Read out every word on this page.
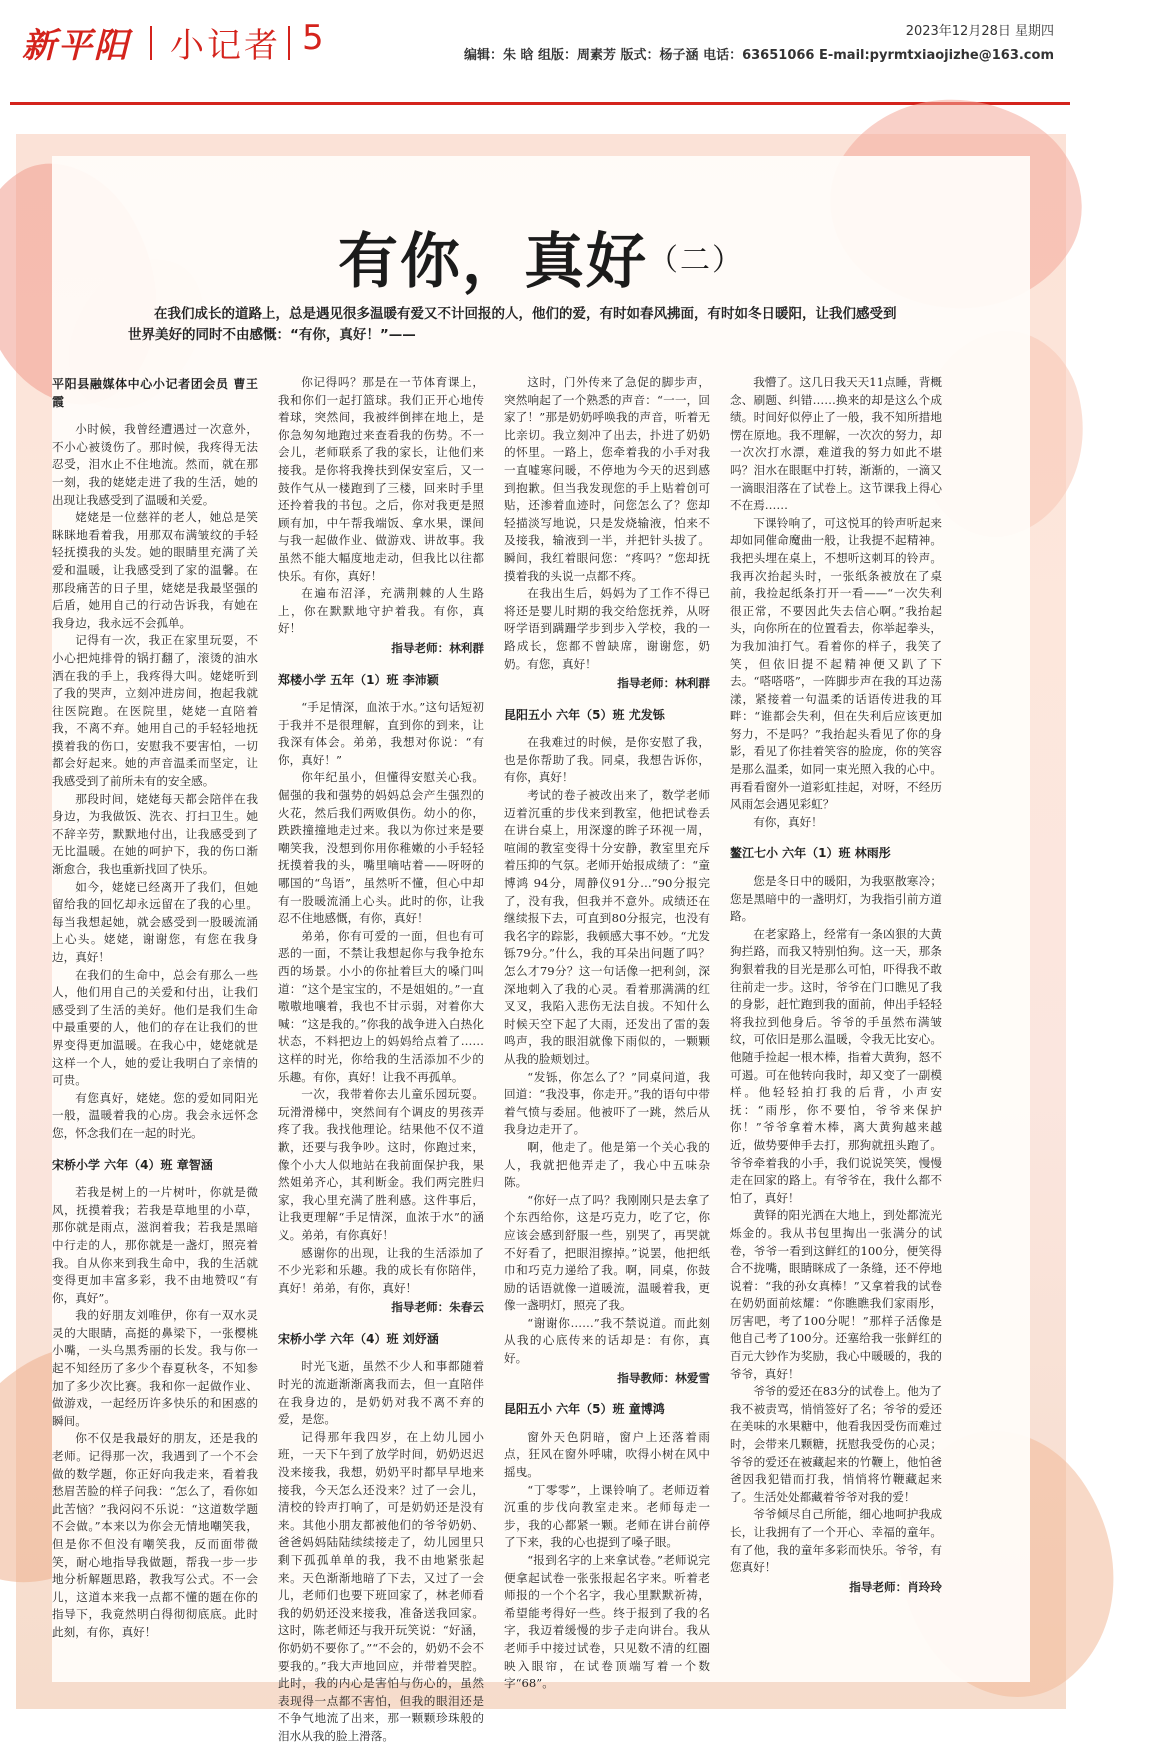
新平阳 小记者 5	2023年12月28日 星期四
编辑：朱 晗 组版：周素芳 版式：杨子涵 电话：63651066 E-mail:pyrmtxiaojizhe@163.com
有你，真好$^{(二)}$
在我们成长的道路上，总是遇见很多温暖有爱又不计回报的人，他们的爱，有时如春风拂面，有时如冬日暖阳，让我们感受到
世界美好的同时不由感慨：“有你，真好！”——
平阳县融媒体中心小记者团会员 曹王霞

小时候，我曾经遭遇过一次意外，不小心被烫伤了。那时候，我疼得无法忍受，泪水止不住地流。然而，就在那一刻，我的姥姥走进了我的生活，她的出现让我感受到了温暖和关爱。

姥姥是一位慈祥的老人，她总是笑眯眯地看着我，用那双布满皱纹的手轻轻抚摸我的头发。她的眼睛里充满了关爱和温暖，让我感受到了家的温馨。在那段痛苦的日子里，姥姥是我最坚强的后盾，她用自己的行动告诉我，有她在我身边，我永远不会孤单。

记得有一次，我正在家里玩耍，不小心把炖排骨的锅打翻了，滚烫的油水洒在我的手上，我疼得大叫。姥姥听到了我的哭声，立刻冲进房间，抱起我就往医院跑。在医院里，姥姥一直陪着我，不离不弃。她用自己的手轻轻地抚摸着我的伤口，安慰我不要害怕，一切都会好起来。她的声音温柔而坚定，让我感受到了前所未有的安全感。

那段时间，姥姥每天都会陪伴在我身边，为我做饭、洗衣、打扫卫生。她不辞辛劳，默默地付出，让我感受到了无比温暖。在她的呵护下，我的伤口渐渐愈合，我也重新找回了快乐。

如今，姥姥已经离开了我们，但她留给我的回忆却永远留在了我的心里。每当我想起她，就会感受到一股暖流涌上心头。姥姥，谢谢您，有您在我身边，真好！

在我们的生命中，总会有那么一些人，他们用自己的关爱和付出，让我们感受到了生活的美好。他们是我们生命中最重要的人，他们的存在让我们的世界变得更加温暖。在我心中，姥姥就是这样一个人，她的爱让我明白了亲情的可贵。

有您真好，姥姥。您的爱如同阳光一般，温暖着我的心房。我会永远怀念您，怀念我们在一起的时光。

宋桥小学 六年（4）班 章智涵

若我是树上的一片树叶，你就是微风，抚摸着我；若我是草地里的小草，那你就是雨点，滋润着我；若我是黑暗中行走的人，那你就是一盏灯，照亮着我。自从你来到我生命中，我的生活就变得更加丰富多彩，我不由地赞叹“有你，真好”。

我的好朋友刘唯伊，你有一双水灵灵的大眼睛，高挺的鼻梁下，一张樱桃小嘴，一头乌黑秀丽的长发。我与你一起不知经历了多少个春夏秋冬，不知参加了多少次比赛。我和你一起做作业、做游戏，一起经历许多快乐的和困惑的瞬间。

你不仅是我最好的朋友，还是我的老师。记得那一次，我遇到了一个不会做的数学题，你正好向我走来，看着我愁眉苦脸的样子问我：“怎么了，看你如此苦恼？”我闷闷不乐说：“这道数学题不会做。”本来以为你会无情地嘲笑我，但是你不但没有嘲笑我，反而面带微笑，耐心地指导我做题，帮我一步一步地分析解题思路，教我写公式。不一会儿，这道本来我一点都不懂的题在你的指导下，我竟然明白得彻彻底底。此时此刻，有你，真好！

你记得吗？那是在一节体育课上，我和你们一起打篮球。我们正开心地传着球，突然间，我被绊倒摔在地上，是你急匆匆地跑过来查看我的伤势。不一会儿，老师联系了我的家长，让他们来接我。是你将我搀扶到保安室后，又一鼓作气从一楼跑到了三楼，回来时手里还拎着我的书包。之后，你对我更是照顾有加，中午帮我端饭、拿水果，课间与我一起做作业、做游戏、讲故事。我虽然不能大幅度地走动，但我比以往都快乐。有你，真好！

在遍布沼泽，充满荆棘的人生路上，你在默默地守护着我。有你，真好！

指导老师：林利群
郑楼小学 五年（1）班 李沛颖

“手足情深，血浓于水。”这句话短初于我并不是很理解，直到你的到来，让我深有体会。弟弟，我想对你说：“有你，真好！”

你年纪虽小，但懂得安慰关心我。倔强的我和强势的妈妈总会产生强烈的火花，然后我们两败俱伤。幼小的你，跌跌撞撞地走过来。我以为你过来是要嘲笑我，没想到你用你稚嫩的小手轻轻抚摸着我的头，嘴里嘀咕着——呀呀的哪国的“鸟语”，虽然听不懂，但心中却有一股暖流涌上心头。此时的你，让我忍不住地感慨，有你，真好！

弟弟，你有可爱的一面，但也有可恶的一面，不禁让我想起你与我争抢东西的场景。小小的你扯着巨大的嗓门叫道：“这个是宝宝的，不是姐姐的。”一直嗷嗷地嚷着，我也不甘示弱，对着你大喊：“这是我的。”你我的战争进入白热化状态，不料把边上的妈妈给点着了……这样的时光，你给我的生活添加不少的乐趣。有你，真好！让我不再孤单。

一次，我带着你去儿童乐园玩耍。玩滑滑梯中，突然间有个调皮的男孩弄疼了我。我找他理论。结果他不仅不道歉，还要与我争吵。这时，你跑过来，像个小大人似地站在我前面保护我，果然姐弟齐心，其利断金。我们两完胜归家，我心里充满了胜利感。这件事后，让我更理解“手足情深，血浓于水”的涵义。弟弟，有你真好！

感谢你的出现，让我的生活添加了不少光彩和乐趣。我的成长有你陪伴，真好！弟弟，有你，真好！

指导老师：朱春云
宋桥小学 六年（4）班 刘妤涵

时光飞逝，虽然不少人和事都随着时光的流逝渐渐离我而去，但一直陪伴在我身边的，是奶奶对我不离不弃的爱，是您。

记得那年我四岁，在上幼儿园小班，一天下午到了放学时间，奶奶迟迟没来接我，我想，奶奶平时都早早地来接我，今天怎么还没来？过了一会儿，清校的铃声打响了，可是奶奶还是没有来。其他小朋友都被他们的爷爷奶奶、爸爸妈妈陆陆续续接走了，幼儿园里只剩下孤孤单单的我，我不由地紧张起来。天色渐渐地暗了下去，又过了一会儿，老师们也要下班回家了，林老师看我的奶奶还没来接我，准备送我回家。这时，陈老师还与我开玩笑说：“好涵，你奶奶不要你了。”“不会的，奶奶不会不要我的。”我大声地回应，并带着哭腔。此时，我的内心是害怕与伤心的，虽然表现得一点都不害怕，但我的眼泪还是不争气地流了出来，那一颗颗珍珠般的泪水从我的脸上滑落。

这时，门外传来了急促的脚步声，突然响起了一个熟悉的声音：“一一，回家了！”那是奶奶呼唤我的声音，听着无比亲切。我立刻冲了出去，扑进了奶奶的怀里。一路上，您牵着我的小手对我一直嘘寒问暖，不停地为今天的迟到感到抱歉。但当我发现您的手上贴着创可贴，还渗着血迹时，问您怎么了？您却轻描淡写地说，只是发烧输液，怕来不及接我，输液到一半，并把针头拔了。瞬间，我红着眼问您：“疼吗？”您却抚摸着我的头说一点都不疼。

在我出生后，妈妈为了工作不得已将还是婴儿时期的我交给您抚养，从呀呀学语到蹒跚学步到步入学校，我的一路成长，您都不曾缺席，谢谢您，奶奶。有您，真好！

指导老师：林利群
昆阳五小 六年（5）班 尤发铄

在我难过的时候，是你安慰了我，也是你帮助了我。同桌，我想告诉你，有你，真好！

考试的卷子被改出来了，数学老师迈着沉重的步伐来到教室，他把试卷丢在讲台桌上，用深邃的眸子环视一周，喧闹的教室变得十分安静，教室里充斥着压抑的气氛。老师开始报成绩了：“童博鸿 94分，周静仪91分…”90分报完了，没有我，但我并不意外。成绩还在继续报下去，可直到80分报完，也没有我名字的踪影，我顿感大事不妙。“尤发铄79分。”什么，我的耳朵出问题了吗？怎么才79分？这一句话像一把利剑，深深地刺入了我的心灵。看着那满满的红叉叉，我陷入悲伤无法自拔。不知什么时候天空下起了大雨，还发出了雷的轰鸣声，我的眼泪就像下雨似的，一颗颗从我的脸颊划过。

“发铄，你怎么了？”同桌问道，我回道：“我没事，你走开。”我的语句中带着气愤与委屈。他被吓了一跳，然后从我身边走开了。

啊，他走了。他是第一个关心我的人，我就把他弄走了，我心中五味杂陈。

“你好一点了吗？我刚刚只是去拿了个东西给你，这是巧克力，吃了它，你应该会感到舒服一些，别哭了，再哭就不好看了，把眼泪擦掉。”说罢，他把纸巾和巧克力递给了我。啊，同桌，你鼓励的话语就像一道暖流，温暖着我，更像一盏明灯，照亮了我。

“谢谢你……”我不禁说道。而此刻从我的心底传来的话却是：有你，真好。

指导教师：林爱雪
昆阳五小 六年（5）班 童博鸿

窗外天色阴暗，窗户上还落着雨点，狂风在窗外呼啸，吹得小树在风中摇曳。

“丁零零”，上课铃响了。老师迈着沉重的步伐向教室走来。老师每走一步，我的心都紧一颗。老师在讲台前停了下来，我的心也提到了嗓子眼。

“报到名字的上来拿试卷。”老师说完便拿起试卷一张张报起名字来。听着老师报的一个个名字，我心里默默祈祷，希望能考得好一些。终于报到了我的名字，我迈着缓慢的步子走向讲台。我从老师手中接过试卷，只见数不清的红圈映入眼帘，在试卷顶端写着一个数字“68”。

我懵了。这几日我天天11点睡，背概念、刷题、纠错……换来的却是这么个成绩。时间好似停止了一般，我不知所措地愣在原地。我不理解，一次次的努力，却一次次打水漂，难道我的努力如此不堪吗？泪水在眼眶中打转，渐渐的，一滴又一滴眼泪落在了试卷上。这节课我上得心不在焉……

下课铃响了，可这悦耳的铃声听起来却如同催命魔曲一般，让我提不起精神。我把头埋在桌上，不想听这刺耳的铃声。我再次抬起头时，一张纸条被放在了桌前，我捡起纸条打开一看——“一次失利很正常，不要因此失去信心啊。”我抬起头，向你所在的位置看去，你举起拳头，为我加油打气。看着你的样子，我笑了笑，但依旧提不起精神便又趴了下去。“嗒嗒嗒”，一阵脚步声在我的耳边荡漾，紧接着一句温柔的话语传进我的耳畔：“谁都会失利，但在失利后应该更加努力，不是吗？”我抬起头看见了你的身影，看见了你挂着笑容的脸庞，你的笑容是那么温柔，如同一束光照入我的心中。再看看窗外一道彩虹挂起，对呀，不经历风雨怎会遇见彩虹？

有你，真好！

鳌江七小 六年（1）班 林雨彤

您是冬日中的暖阳，为我驱散寒冷；您是黑暗中的一盏明灯，为我指引前方道路。

在老家路上，经常有一条凶狠的大黄狗拦路，而我又特别怕狗。这一天，那条狗狠着我的目光是那么可怕，吓得我不敢往前走一步。这时，爷爷在门口瞧见了我的身影，赶忙跑到我的面前，伸出手轻轻将我拉到他身后。爷爷的手虽然布满皱纹，可依旧是那么温暖，令我无比安心。他随手捡起一根木棒，指着大黄狗，怒不可遏。可在他转向我时，却又变了一副模样。他轻轻拍打我的后背，小声安抚：“雨彤，你不要怕，爷爷来保护你！”爷爷拿着木棒，离大黄狗越来越近，做势要伸手去打，那狗就扭头跑了。爷爷牵着我的小手，我们说说笑笑，慢慢走在回家的路上。有爷爷在，我什么都不怕了，真好！

黄铎的阳光洒在大地上，到处都流光烁金的。我从书包里掏出一张满分的试卷，爷爷一看到这鲜红的100分，便笑得合不拢嘴，眼睛眯成了一条缝，还不停地说着：“我的孙女真棒！”又拿着我的试卷在奶奶面前炫耀：“你瞧瞧我们家雨彤，厉害吧，考了100分呢！”那样子活像是他自己考了100分。还塞给我一张鲜红的百元大钞作为奖励，我心中暖暖的，我的爷爷，真好！

爷爷的爱还在83分的试卷上。他为了我不被责骂，悄悄签好了名；爷爷的爱还在美味的水果糖中，他看我因受伤而难过时，会带来几颗糖，抚慰我受伤的心灵；爷爷的爱还在被藏起来的竹鞭上，他怕爸爸因我犯错而打我，悄悄将竹鞭藏起来了。生活处处都藏着爷爷对我的爱！

爷爷倾尽自己所能，细心地呵护我成长，让我拥有了一个开心、幸福的童年。有了他，我的童年多彩而快乐。爷爷，有您真好！

指导老师：肖玲玲
